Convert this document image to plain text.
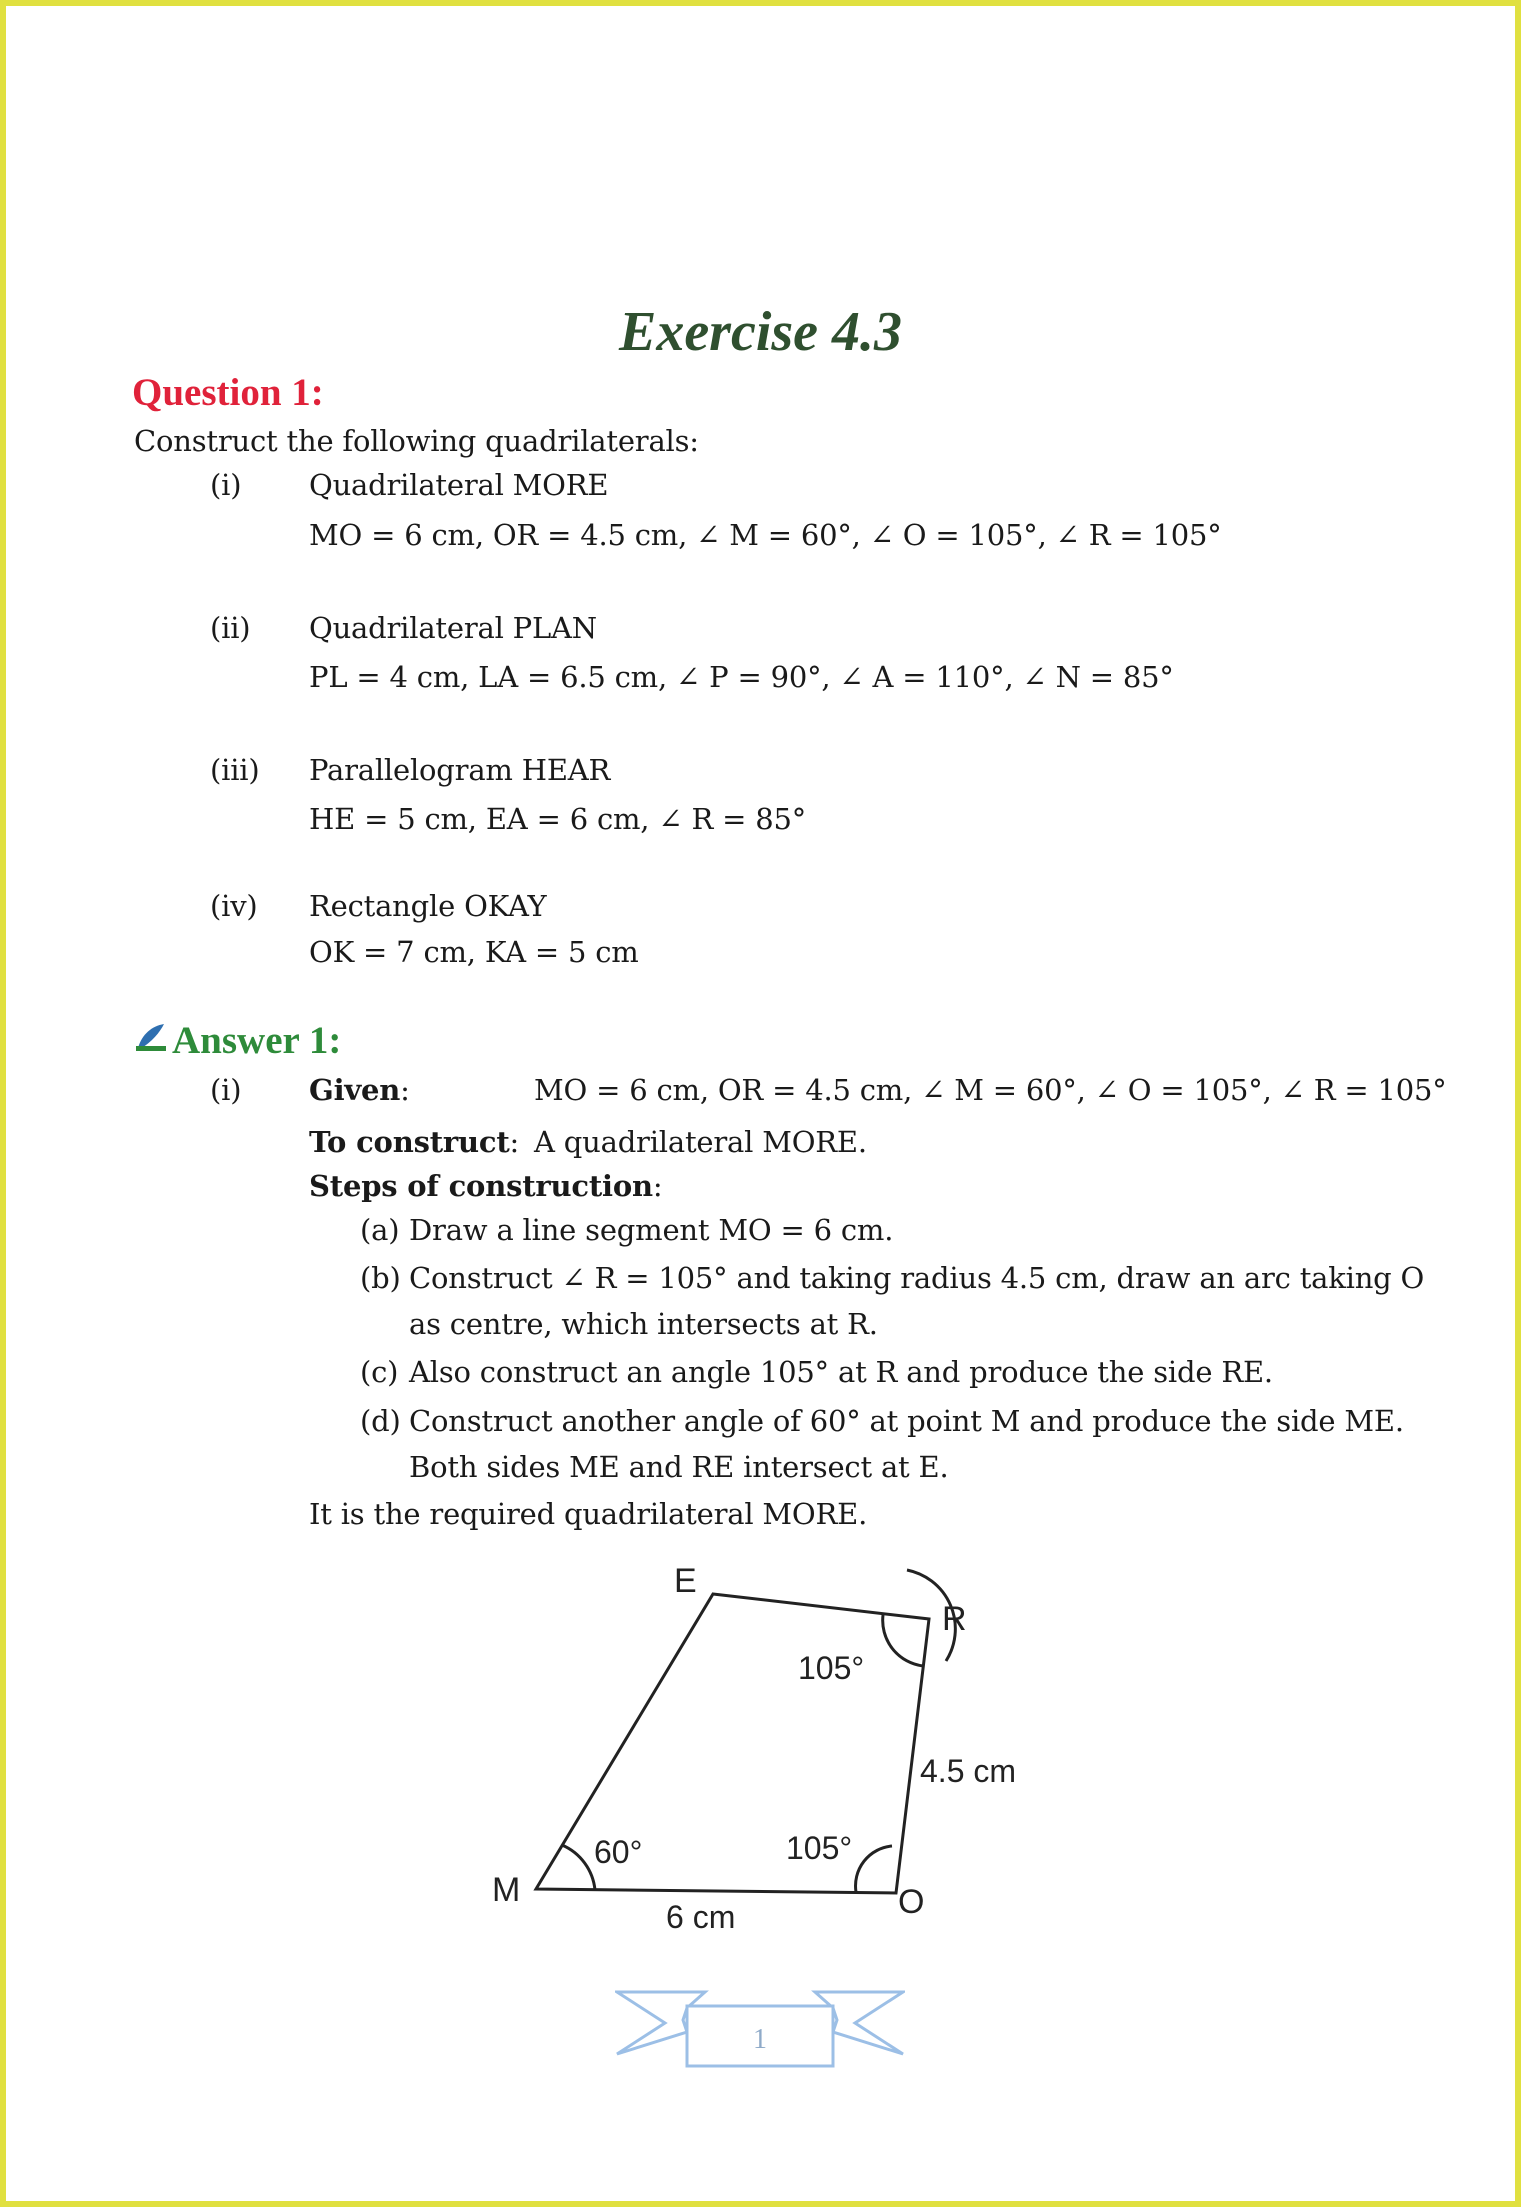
Exercise 4.3
Question 1:
Construct the following quadrilaterals:
(i) Quadrilateral MORE
MO = 6 cm, OR = 4.5 cm, ∠ M = 60°, ∠ O = 105°, ∠ R = 105°
(ii) Quadrilateral PLAN
PL = 4 cm, LA = 6.5 cm, ∠ P = 90°, ∠ A = 110°, ∠ N = 85°
(iii) Parallelogram HEAR
HE = 5 cm, EA = 6 cm, ∠ R = 85°
(iv) Rectangle OKAY
OK = 7 cm, KA = 5 cm
Answer 1:
(i) Given:	MO = 6 cm, OR = 4.5 cm, ∠ M = 60°, ∠ O = 105°, ∠ R = 105°
To construct: A quadrilateral MORE.
Steps of construction:
(a) Draw a line segment MO = 6 cm.
(b) Construct ∠ R = 105° and taking radius 4.5 cm, draw an arc taking O
as centre, which intersects at R.
(c) Also construct an angle 105° at R and produce the side RE.
(d) Construct another angle of 60° at point M and produce the side ME.
Both sides ME and RE intersect at E.
It is the required quadrilateral MORE.
E
R
M	O
105°
105°
60°
4.5 cm
6 cm
1
